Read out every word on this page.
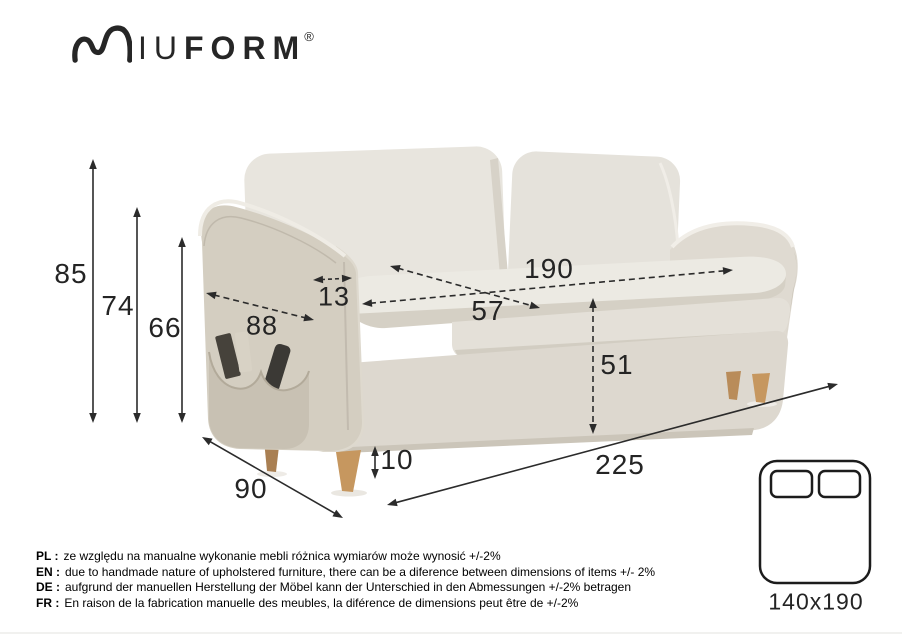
IU FORM
®
85
74
66
13
88
190
57
51
10	225
90
140x190
PL : ze względu na manualne wykonanie mebli różnica wymiarów może wynosić +/-2%
EN : due to handmade nature of upholstered furniture, there can be a diference between dimensions of items +/- 2%
DE : aufgrund der manuellen Herstellung der Möbel kann der Unterschied in den Abmessungen +/-2% betragen
FR : En raison de la fabrication manuelle des meubles, la diférence de dimensions peut être de +/-2%
